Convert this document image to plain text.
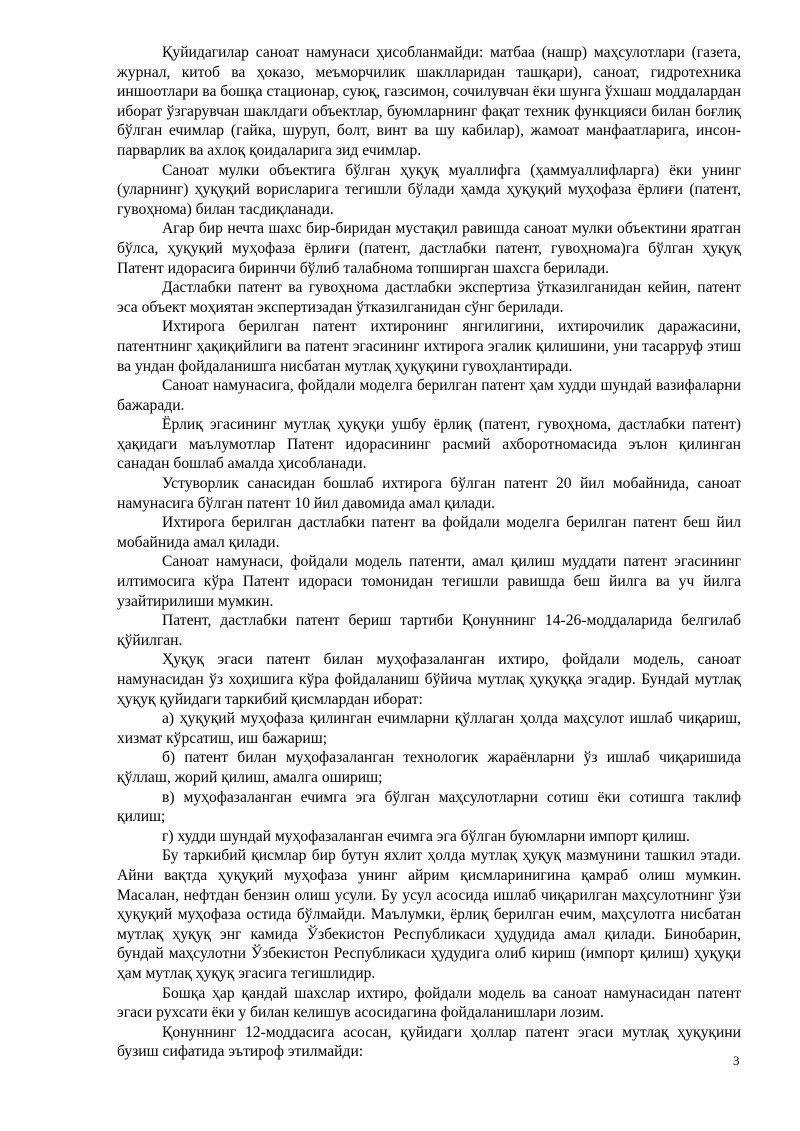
Қуйидагилар саноат намунаси ҳисобланмайди: матбаа (нашр) маҳсулотлари (газета, журнал, китоб ва ҳоказо, меъморчилик шаклларидан ташқари), саноат, гидротехника иншоотлари ва бошқа стационар, суюқ, газсимон, сочилувчан ёки шунга ўхшаш моддалардан иборат ўзгарувчан шаклдаги объектлар, буюмларнинг фақат техник функцияси билан боғлиқ бўлган ечимлар (гайка, шуруп, болт, винт ва шу кабилар), жамоат манфаатларига, инсон-парварлик ва ахлоқ қоидаларига зид ечимлар.

Саноат мулки объектига бўлган ҳуқуқ муаллифга (ҳаммуаллифларга) ёки унинг (уларнинг) ҳуқуқий ворисларига тегишли бўлади ҳамда ҳуқуқий муҳофаза ёрлиғи (патент, гувоҳнома) билан тасдиқланади.

Агар бир нечта шахс бир-биридан мустақил равишда саноат мулки объектини яратган бўлса, ҳуқуқий муҳофаза ёрлиғи (патент, дастлабки патент, гувоҳнома)га бўлган ҳуқуқ Патент идорасига биринчи бўлиб талабнома топширган шахсга берилади.

Дастлабки патент ва гувоҳнома дастлабки экспертиза ўтказилганидан кейин, патент эса объект моҳиятан экспертизадан ўтказилганидан сўнг берилади.

Ихтирога берилган патент ихтиронинг янгилигини, ихтирочилик даражасини, патентнинг ҳақиқийлиги ва патент эгасининг ихтирога эгалик қилишини, уни тасарруф этиш ва ундан фойдаланишга нисбатан мутлақ ҳуқуқини гувоҳлантиради.

Саноат намунасига, фойдали моделга берилган патент ҳам худди шундай вазифаларни бажаради.

Ёрлиқ эгасининг мутлақ ҳуқуқи ушбу ёрлиқ (патент, гувоҳнома, дастлабки патент) ҳақидаги маълумотлар Патент идорасининг расмий ахборотномасида эълон қилинган санадан бошлаб амалда ҳисобланади.

Устуворлик санасидан бошлаб ихтирога бўлган патент 20 йил мобайнида, саноат намунасига бўлган патент 10 йил давомида амал қилади.

Ихтирога берилган дастлабки патент ва фойдали моделга берилган патент беш йил мобайнида амал қилади.

Саноат намунаси, фойдали модель патенти, амал қилиш муддати патент эгасининг илтимосига кўра Патент идораси томонидан тегишли равишда беш йилга ва уч йилга узайтирилиши мумкин.

Патент, дастлабки патент бериш тартиби Қонуннинг 14-26-моддаларида белгилаб қўйилган.

Ҳуқуқ эгаси патент билан муҳофазаланган ихтиро, фойдали модель, саноат намунасидан ўз хоҳишига кўра фойдаланиш бўйича мутлақ ҳуқуққа эгадир. Бундай мутлақ ҳуқуқ қуйидаги таркибий қисмлардан иборат:

а) ҳуқуқий муҳофаза қилинган ечимларни қўллаган ҳолда маҳсулот ишлаб чиқариш, хизмат кўрсатиш, иш бажариш;

б) патент билан муҳофазаланган технологик жараёнларни ўз ишлаб чиқаришида қўллаш, жорий қилиш, амалга ошириш;

в) муҳофазаланган ечимга эга бўлган маҳсулотларни сотиш ёки сотишга таклиф қилиш;

г) худди шундай муҳофазаланган ечимга эга бўлган буюмларни импорт қилиш.

Бу таркибий қисмлар бир бутун яхлит ҳолда мутлақ ҳуқуқ мазмунини ташкил этади. Айни вақтда ҳуқуқий муҳофаза унинг айрим қисмларинигина қамраб олиш мумкин. Масалан, нефтдан бензин олиш усули. Бу усул асосида ишлаб чиқарилган маҳсулотнинг ўзи ҳуқуқий муҳофаза остида бўлмайди. Маълумки, ёрлиқ берилган ечим, маҳсулотга нисбатан мутлақ ҳуқуқ энг камида Ўзбекистон Республикаси ҳудудида амал қилади. Бинобарин, бундай маҳсулотни Ўзбекистон Республикаси ҳудудига олиб кириш (импорт қилиш) ҳуқуқи ҳам мутлақ ҳуқуқ эгасига тегишлидир.

Бошқа ҳар қандай шахслар ихтиро, фойдали модель ва саноат намунасидан патент эгаси рухсати ёки у билан келишув асосидагина фойдаланишлари лозим.

Қонуннинг 12-моддасига асосан, қуйидаги ҳоллар патент эгаси мутлақ ҳуқуқини бузиш сифатида эътироф этилмайди:

3
